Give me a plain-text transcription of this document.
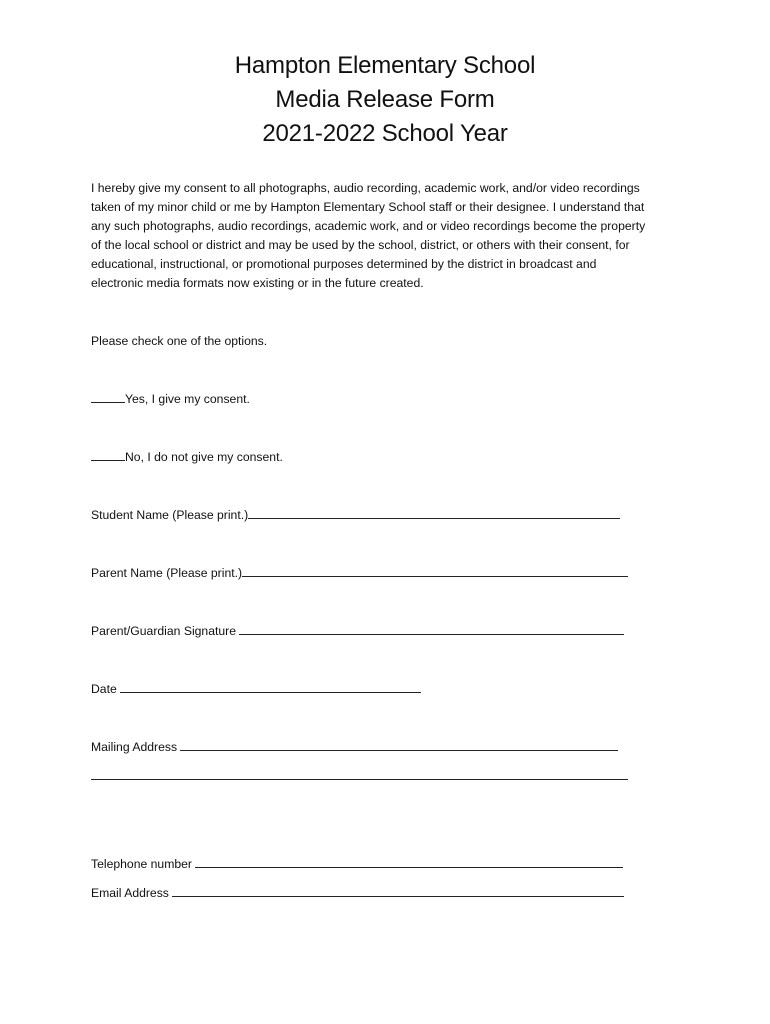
Hampton Elementary School
Media Release Form
2021-2022 School Year
I hereby give my consent to all photographs, audio recording, academic work, and/or video recordings
taken of my minor child or me by Hampton Elementary School staff or their designee. I understand that
any such photographs, audio recordings, academic work, and or video recordings become the property
of the local school or district and may be used by the school, district, or others with their consent, for
educational, instructional, or promotional purposes determined by the district in broadcast and
electronic media formats now existing or in the future created.
Please check one of the options.
Yes, I give my consent.
No, I do not give my consent.
Student Name (Please print.)
Parent Name (Please print.)
Parent/Guardian Signature
Date
Mailing Address
Telephone number
Email Address
